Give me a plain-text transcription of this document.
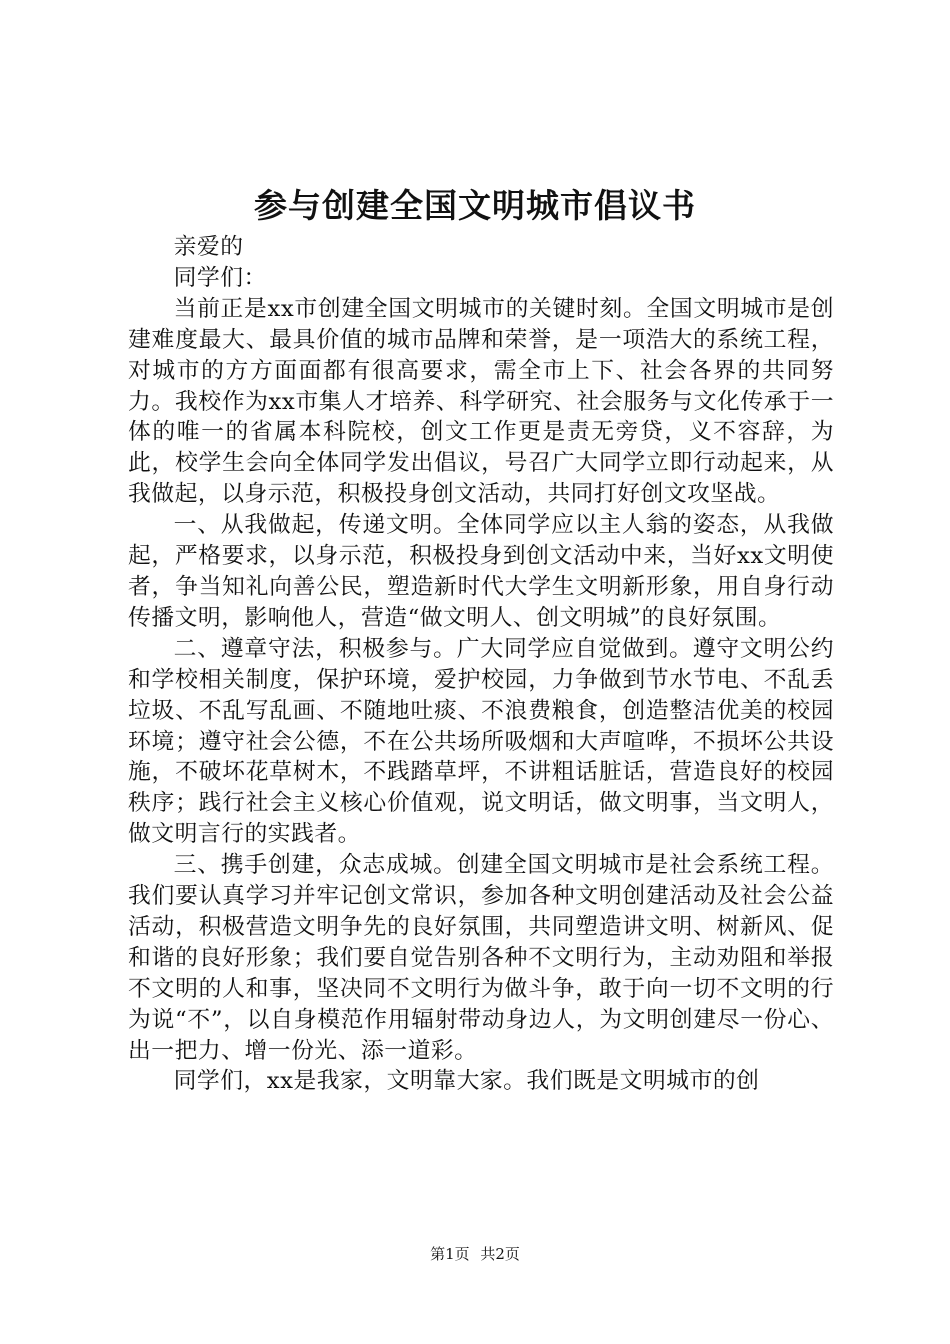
参与创建全国文明城市倡议书

亲爱的

同学们：

当前正是xx市创建全国文明城市的关键时刻。全国文明城市是创建难度最大、最具价值的城市品牌和荣誉，是一项浩大的系统工程，对城市的方方面面都有很高要求，需全市上下、社会各界的共同努力。我校作为xx市集人才培养、科学研究、社会服务与文化传承于一体的唯一的省属本科院校，创文工作更是责无旁贷，义不容辞，为此，校学生会向全体同学发出倡议，号召广大同学立即行动起来，从我做起，以身示范，积极投身创文活动，共同打好创文攻坚战。

一、从我做起，传递文明。全体同学应以主人翁的姿态，从我做起，严格要求，以身示范，积极投身到创文活动中来，当好xx文明使者，争当知礼向善公民，塑造新时代大学生文明新形象，用自身行动传播文明，影响他人，营造“做文明人、创文明城”的良好氛围。

二、遵章守法，积极参与。广大同学应自觉做到。遵守文明公约和学校相关制度，保护环境，爱护校园，力争做到节水节电、不乱丢垃圾、不乱写乱画、不随地吐痰、不浪费粮食，创造整洁优美的校园环境；遵守社会公德，不在公共场所吸烟和大声喧哗，不损坏公共设施，不破坏花草树木，不践踏草坪，不讲粗话脏话，营造良好的校园秩序；践行社会主义核心价值观，说文明话，做文明事，当文明人，做文明言行的实践者。

三、携手创建，众志成城。创建全国文明城市是社会系统工程。我们要认真学习并牢记创文常识，参加各种文明创建活动及社会公益活动，积极营造文明争先的良好氛围，共同塑造讲文明、树新风、促和谐的良好形象；我们要自觉告别各种不文明行为，主动劝阻和举报不文明的人和事，坚决同不文明行为做斗争，敢于向一切不文明的行为说“不”，以自身模范作用辐射带动身边人，为文明创建尽一份心、出一把力、增一份光、添一道彩。

同学们，xx是我家，文明靠大家。我们既是文明城市的创

第1页 共2页
